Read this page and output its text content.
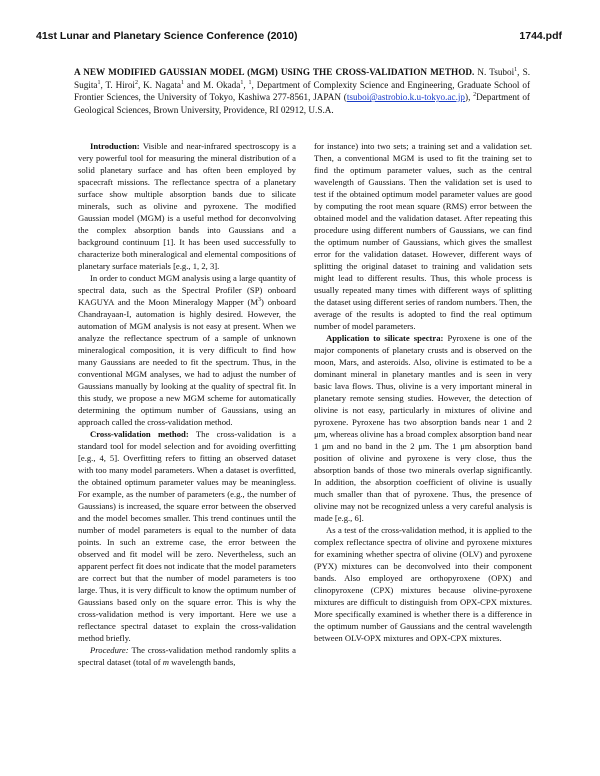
41st Lunar and Planetary Science Conference (2010)	1744.pdf
A NEW MODIFIED GAUSSIAN MODEL (MGM) USING THE CROSS-VALIDATION METHOD. N. Tsuboi$^1$, S. Sugita$^1$, T. Hiroi$^2$, K. Nagata$^1$ and M. Okada$^1$, $^1$, Department of Complexity Science and Engineering, Graduate School of Frontier Sciences, the University of Tokyo, Kashiwa 277-8561, JAPAN (tsuboi@astrobio.k.u-tokyo.ac.jp), $^2$Department of Geological Sciences, Brown University, Providence, RI 02912, U.S.A.

Introduction: Visible and near-infrared spectroscopy is a very powerful tool for measuring the mineral distribution of a solid planetary surface and has often been employed by spacecraft missions. The reflectance spectra of a planetary surface show multiple absorption bands due to silicate minerals, such as olivine and pyroxene. The modified Gaussian model (MGM) is a useful method for deconvolving the complex absorption bands into Gaussians and a background continuum [1]. It has been used successfully to characterize both mineralogical and elemental compositions of planetary surface materials [e.g., 1, 2, 3].

In order to conduct MGM analysis using a large quantity of spectral data, such as the Spectral Profiler (SP) onboard KAGUYA and the Moon Mineralogy Mapper $(M^3)$ onboard Chandrayaan-I, automation is highly desired. However, the automation of MGM analysis is not easy at present. When we analyze the reflectance spectrum of a sample of unknown mineralogical composition, it is very difficult to find how many Gaussians are needed to fit the spectrum. Thus, in the conventional MGM analyses, we had to adjust the number of Gaussians manually by looking at the quality of spectral fit. In this study, we propose a new MGM scheme for automatically determining the optimum number of Gaussians, using an approach called the cross-validation method.

Cross-validation method: The cross-validation is a standard tool for model selection and for avoiding overfitting [e.g., 4, 5]. Overfitting refers to fitting an observed dataset with too many model parameters. When a dataset is overfitted, the obtained optimum parameter values may be meaningless. For example, as the number of parameters (e.g., the number of Gaussians) is increased, the square error between the observed and the model becomes smaller. This trend continues until the number of model parameters is equal to the number of data points. In such an extreme case, the error between the observed and fit model will be zero. Nevertheless, such an apparent perfect fit does not indicate that the model parameters are correct but that the number of model parameters is too large. Thus, it is very difficult to know the optimum number of Gaussians based only on the square error. This is why the cross-validation method is very important. Here we use a reflectance spectral dataset to explain the cross-validation method briefly.

Procedure: The cross-validation method randomly splits a spectral dataset (total of m wavelength bands,

for instance) into two sets; a training set and a validation set. Then, a conventional MGM is used to fit the training set to find the optimum parameter values, such as the central wavelength of Gaussians. Then the validation set is used to test if the obtained optimum model parameter values are good by computing the root mean square (RMS) error between the obtained model and the validation dataset. After repeating this procedure using different numbers of Gaussians, we can find the optimum number of Gaussians, which gives the smallest error for the validation dataset. However, different ways of splitting the original dataset to training and validation sets might lead to different results. Thus, this whole process is usually repeated many times with different ways of splitting the dataset using different series of random numbers. Then, the average of the results is adopted to find the real optimum number of model parameters.

Application to silicate spectra: Pyroxene is one of the major components of planetary crusts and is observed on the moon, Mars, and asteroids. Also, olivine is estimated to be a dominant mineral in planetary mantles and is seen in very basic lava flows. Thus, olivine is a very important mineral in planetary remote sensing studies. However, the detection of olivine is not easy, particularly in mixtures of olivine and pyroxene. Pyroxene has two absorption bands near 1 and 2 μm, whereas olivine has a broad complex absorption band near 1 μm and no band in the 2 μm. The 1 μm absorption band position of olivine and pyroxene is very close, thus the absorption bands of those two minerals overlap significantly. In addition, the absorption coefficient of olivine is usually much smaller than that of pyroxene. Thus, the presence of olivine may not be recognized unless a very careful analysis is made [e.g., 6].

As a test of the cross-validation method, it is applied to the complex reflectance spectra of olivine and pyroxene mixtures for examining whether spectra of olivine (OLV) and pyroxene (PYX) mixtures can be deconvolved into their component bands. Also employed are orthopyroxene (OPX) and clinopyroxene (CPX) mixtures because olivine-pyroxene mixtures are difficult to distinguish from OPX-CPX mixtures. More specifically examined is whether there is a difference in the optimum number of Gaussians and the central wavelength between OLV-OPX mixtures and OPX-CPX mixtures.
